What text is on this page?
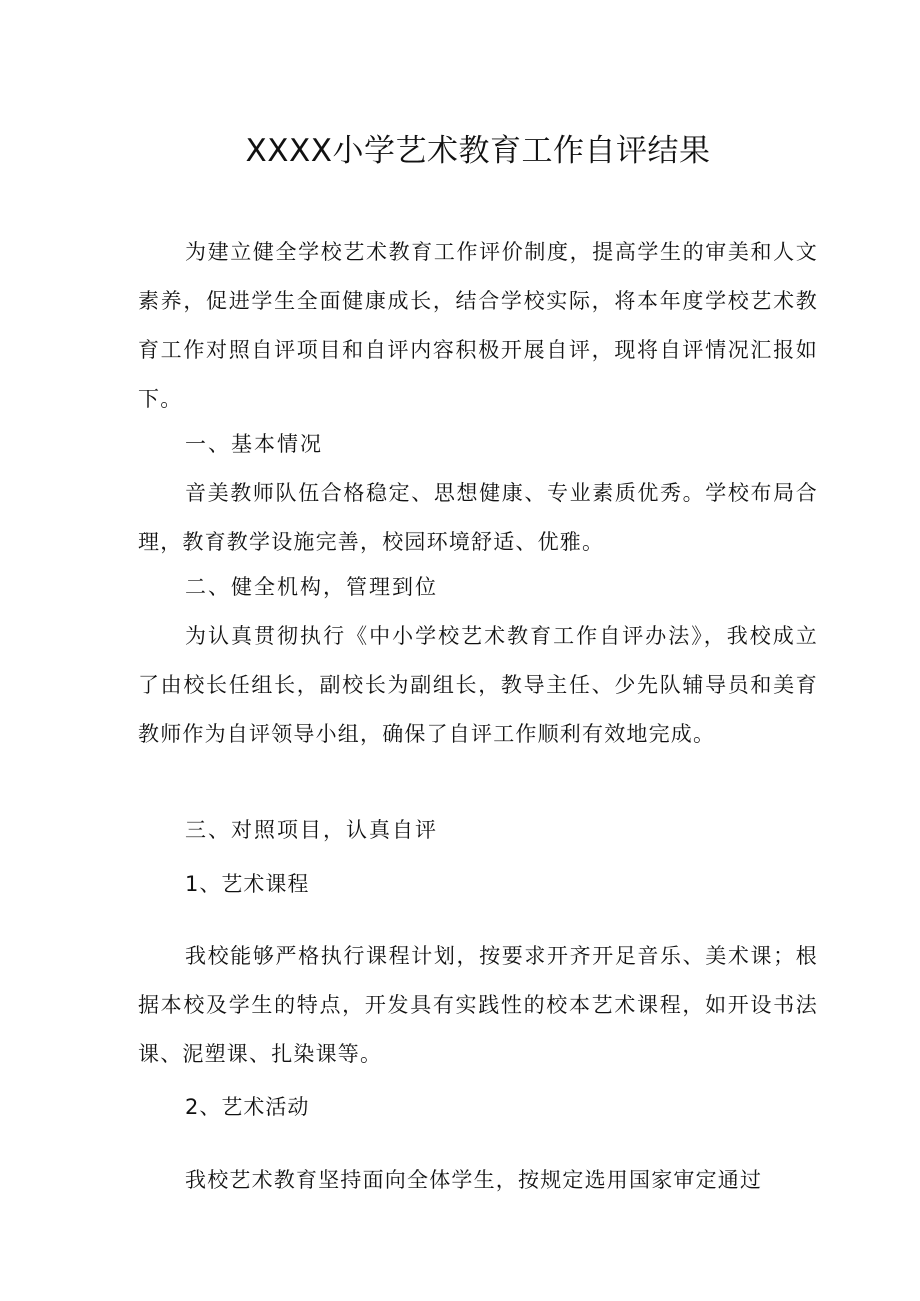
XXXX小学艺术教育工作自评结果

为建立健全学校艺术教育工作评价制度，提高学生的审美和人文素养，促进学生全面健康成长，结合学校实际，将本年度学校艺术教育工作对照自评项目和自评内容积极开展自评，现将自评情况汇报如下。

一、基本情况

音美教师队伍合格稳定、思想健康、专业素质优秀。学校布局合理，教育教学设施完善，校园环境舒适、优雅。

二、健全机构，管理到位

为认真贯彻执行《中小学校艺术教育工作自评办法》，我校成立了由校长任组长，副校长为副组长，教导主任、少先队辅导员和美育教师作为自评领导小组，确保了自评工作顺利有效地完成。

三、对照项目，认真自评

1、艺术课程

我校能够严格执行课程计划，按要求开齐开足音乐、美术课；根据本校及学生的特点，开发具有实践性的校本艺术课程，如开设书法课、泥塑课、扎染课等。

2、艺术活动

我校艺术教育坚持面向全体学生，按规定选用国家审定通过
